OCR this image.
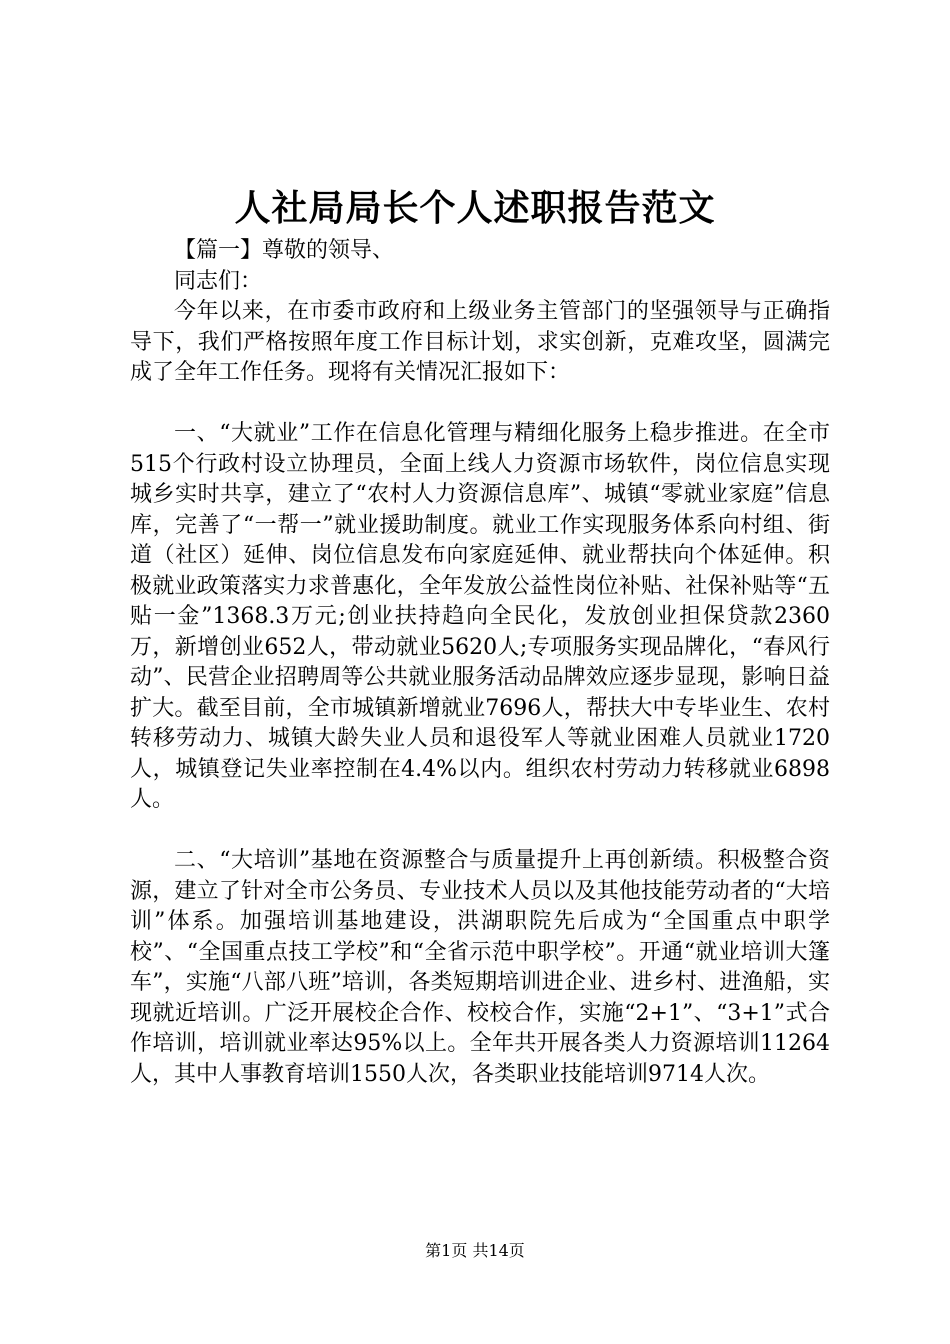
人社局局长个人述职报告范文
【篇一】尊敬的领导、
同志们：

今年以来，在市委市政府和上级业务主管部门的坚强领导与正确指导下，我们严格按照年度工作目标计划，求实创新，克难攻坚，圆满完成了全年工作任务。现将有关情况汇报如下：

一、“大就业”工作在信息化管理与精细化服务上稳步推进。在全市515个行政村设立协理员，全面上线人力资源市场软件，岗位信息实现城乡实时共享，建立了“农村人力资源信息库”、城镇“零就业家庭”信息库，完善了“一帮一”就业援助制度。就业工作实现服务体系向村组、街道（社区）延伸、岗位信息发布向家庭延伸、就业帮扶向个体延伸。积极就业政策落实力求普惠化，全年发放公益性岗位补贴、社保补贴等“五贴一金”1368.3万元;创业扶持趋向全民化，发放创业担保贷款2360万，新增创业652人，带动就业5620人;专项服务实现品牌化，“春风行动”、民营企业招聘周等公共就业服务活动品牌效应逐步显现，影响日益扩大。截至目前，全市城镇新增就业7696人，帮扶大中专毕业生、农村转移劳动力、城镇大龄失业人员和退役军人等就业困难人员就业1720人，城镇登记失业率控制在4.4%以内。组织农村劳动力转移就业6898人。

二、“大培训”基地在资源整合与质量提升上再创新绩。积极整合资源，建立了针对全市公务员、专业技术人员以及其他技能劳动者的“大培训”体系。加强培训基地建设，洪湖职院先后成为“全国重点中职学校”、“全国重点技工学校”和“全省示范中职学校”。开通“就业培训大篷车”，实施“八部八班”培训，各类短期培训进企业、进乡村、进渔船，实现就近培训。广泛开展校企合作、校校合作，实施“2+1”、“3+1”式合作培训，培训就业率达95%以上。全年共开展各类人力资源培训11264人，其中人事教育培训1550人次，各类职业技能培训9714人次。

第1页 共14页
